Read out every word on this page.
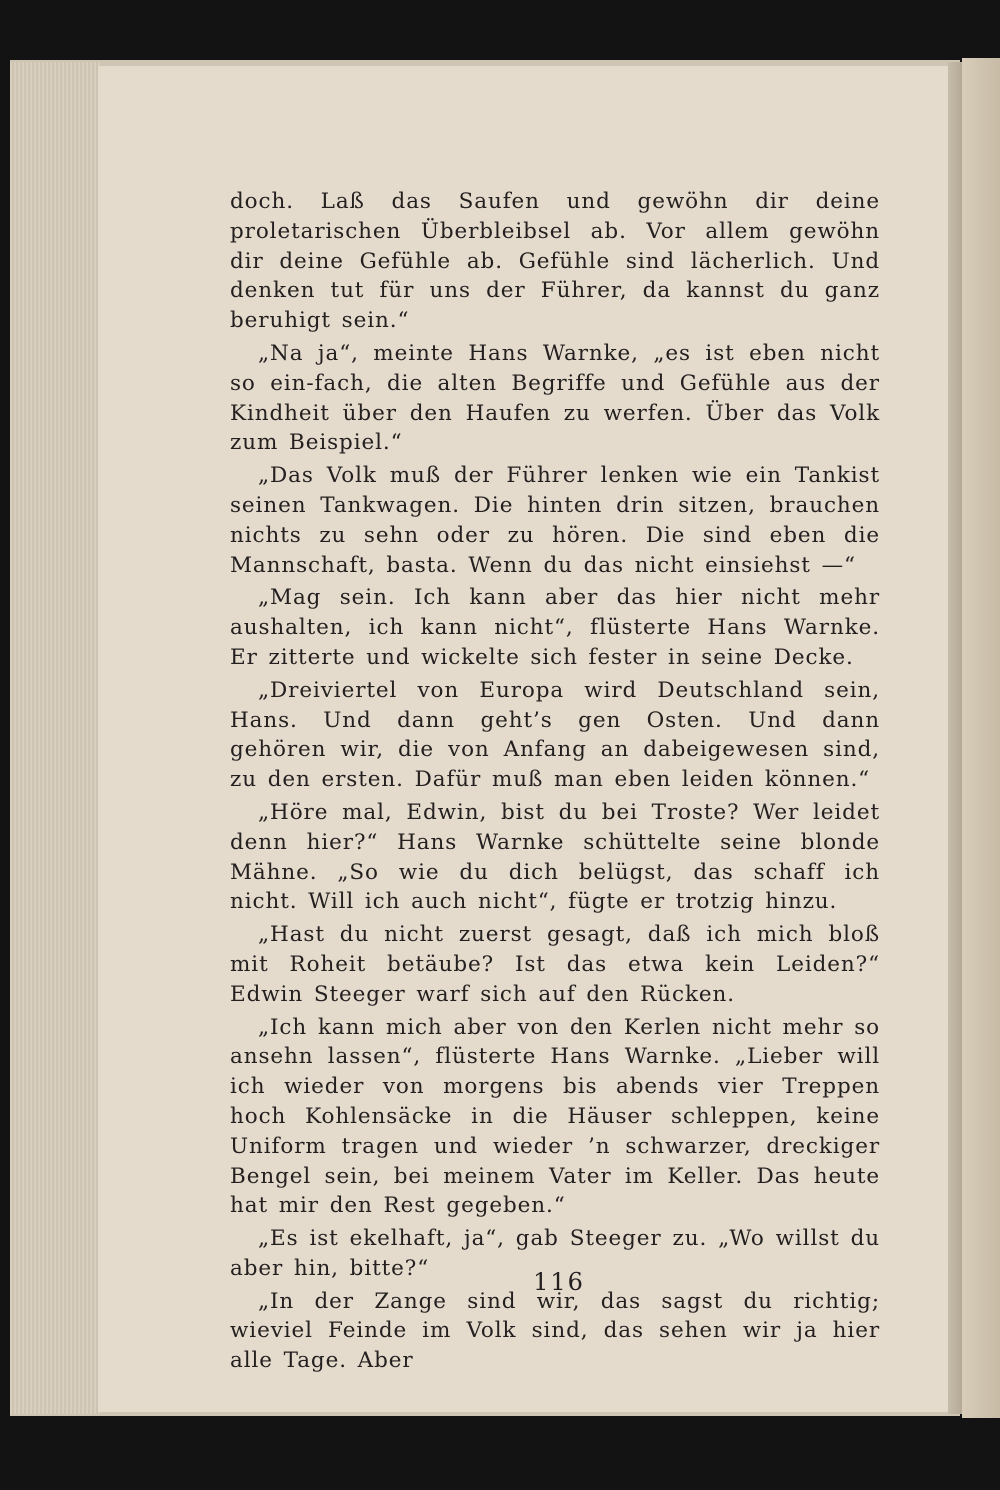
doch. Laß das Saufen und gewöhn dir deine proletarischen Überbleibsel ab. Vor allem gewöhn dir deine Gefühle ab. Gefühle sind lächerlich. Und denken tut für uns der Führer, da kannst du ganz beruhigt sein.“

„Na ja“, meinte Hans Warnke, „es ist eben nicht so ein-fach, die alten Begriffe und Gefühle aus der Kindheit über den Haufen zu werfen. Über das Volk zum Beispiel.“

„Das Volk muß der Führer lenken wie ein Tankist seinen Tankwagen. Die hinten drin sitzen, brauchen nichts zu sehn oder zu hören. Die sind eben die Mannschaft, basta. Wenn du das nicht einsiehst —“

„Mag sein. Ich kann aber das hier nicht mehr aushalten, ich kann nicht“, flüsterte Hans Warnke. Er zitterte und wickelte sich fester in seine Decke.

„Dreiviertel von Europa wird Deutschland sein, Hans. Und dann geht’s gen Osten. Und dann gehören wir, die von Anfang an dabeigewesen sind, zu den ersten. Dafür muß man eben leiden können.“

„Höre mal, Edwin, bist du bei Troste? Wer leidet denn hier?“ Hans Warnke schüttelte seine blonde Mähne. „So wie du dich belügst, das schaff ich nicht. Will ich auch nicht“, fügte er trotzig hinzu.

„Hast du nicht zuerst gesagt, daß ich mich bloß mit Roheit betäube? Ist das etwa kein Leiden?“ Edwin Steeger warf sich auf den Rücken.

„Ich kann mich aber von den Kerlen nicht mehr so ansehn lassen“, flüsterte Hans Warnke. „Lieber will ich wieder von morgens bis abends vier Treppen hoch Kohlensäcke in die Häuser schleppen, keine Uniform tragen und wieder ’n schwarzer, dreckiger Bengel sein, bei meinem Vater im Keller. Das heute hat mir den Rest gegeben.“

„Es ist ekelhaft, ja“, gab Steeger zu. „Wo willst du aber hin, bitte?“

„In der Zange sind wir, das sagst du richtig; wieviel Feinde im Volk sind, das sehen wir ja hier alle Tage. Aber

116
